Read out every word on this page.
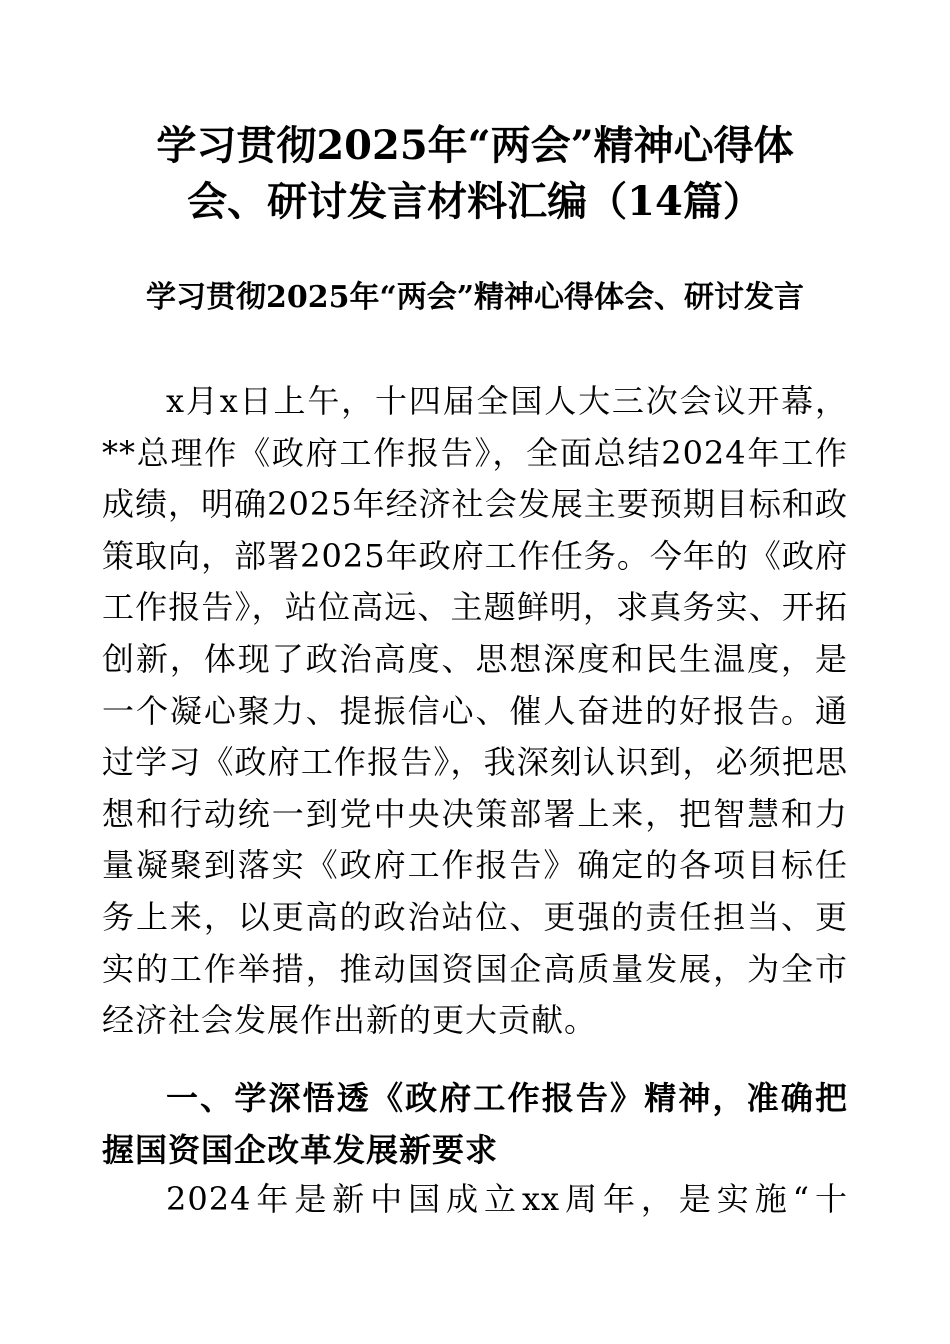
学习贯彻2025年“两会”精神心得体
会、研讨发言材料汇编（14篇）
学习贯彻2025年“两会”精神心得体会、研讨发言

x月x日上午，十四届全国人大三次会议开幕，**总理作《政府工作报告》，全面总结2024年工作成绩，明确2025年经济社会发展主要预期目标和政策取向，部署2025年政府工作任务。今年的《政府工作报告》，站位高远、主题鲜明，求真务实、开拓创新，体现了政治高度、思想深度和民生温度，是一个凝心聚力、提振信心、催人奋进的好报告。通过学习《政府工作报告》，我深刻认识到，必须把思想和行动统一到党中央决策部署上来，把智慧和力量凝聚到落实《政府工作报告》确定的各项目标任务上来，以更高的政治站位、更强的责任担当、更实的工作举措，推动国资国企高质量发展，为全市经济社会发展作出新的更大贡献。

一、学深悟透《政府工作报告》精神，准确把握国资国企改革发展新要求

2024年是新中国成立xx周年，是实施“十
